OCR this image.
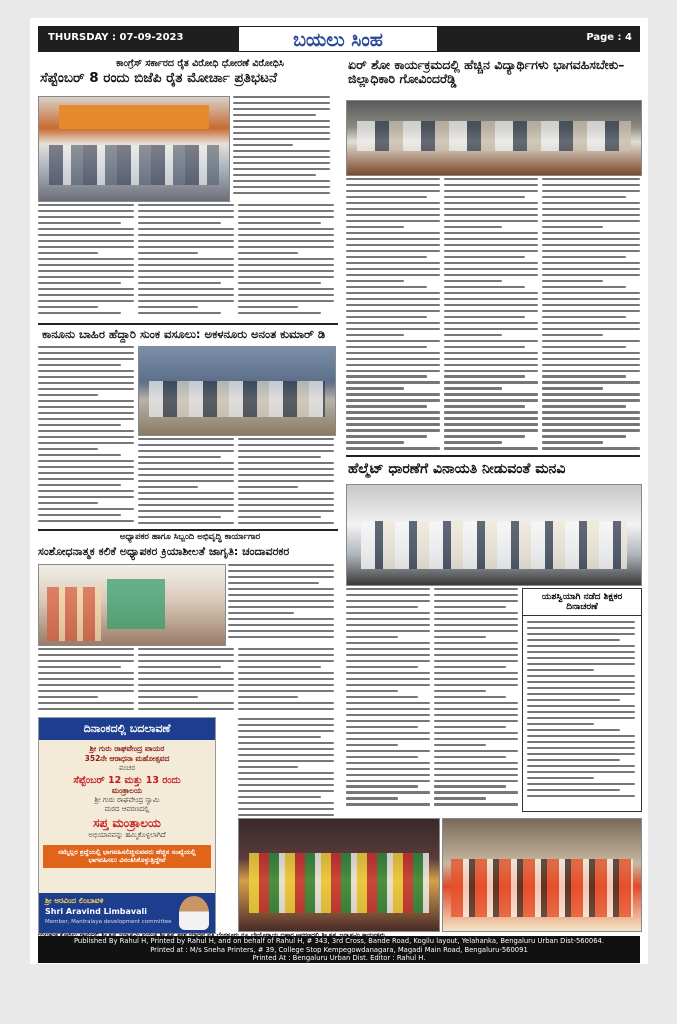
THURSDAY : 07-09-2023	ಬಯಲು ಸಿಂಹ	Page : 4
ಕಾಂಗ್ರೆಸ್ ಸರ್ಕಾರದ ರೈತ ವಿರೋಧಿ ಧೋರಣೆ ವಿರೋಧಿಸಿ
ಸೆಪ್ಟೆಂಬರ್ 8 ರಂದು ಬಿಜೆಪಿ ರೈತ ಮೋರ್ಚಾ ಪ್ರತಿಭಟನೆ
ಕಾನೂನು ಬಾಹಿರ ಹೆದ್ದಾರಿ ಸುಂಕ ವಸೂಲು: ಅಕಳನೂರು ಅನಂತ ಕುಮಾರ್ ಡಿ
ಅಧ್ಯಾಪಕರ ಹಾಗೂ ಸಿಬ್ಬಂದಿ ಅಭಿವೃದ್ಧಿ ಕಾರ್ಯಾಗಾರ
ಸಂಶೋಧನಾತ್ಮಕ ಕಲಿಕೆ ಅಧ್ಯಾಪಕರ ಕ್ರಿಯಾಶೀಲತೆ ಜಾಗೃತಿ: ಚಂದಾವರಕರ
ದಿನಾಂಕದಲ್ಲಿ ಬದಲಾವಣೆ
ಶ್ರೀ ಗುರು ರಾಘವೇಂದ್ರ ವಾಯರ
352ನೇ ಆರಾಧನಾ ಮಹೋತ್ಸವದ
ಪಂಚರ
ಸೆಪ್ಟೆಂಬರ್ 12 ಮತ್ತು 13 ರಂದು
ಮಂತ್ರಾಲಯ
ಶ್ರೀ ಗುರು ರಾಘವೇಂದ್ರ ಸ್ವಾಮಿ
ಮಠದ ಆವರಣದಲ್ಲಿ
ಸಪ್ತ ಮಂತ್ರಾಲಯ
ಅಭಿಯಾನವನ್ನು ಹಮ್ಮಿಕೊಳ್ಳಲಾಗಿದೆ
ನಮ್ಮೆಲ್ಲರ ಶ್ರದ್ಧೆಯಲ್ಲಿ ಭಾಗವಹಿಸಲಿಚ್ಚಿಸುವವರು ಹೆಚ್ಚಿನ ಸಂಖ್ಯೆಯಲ್ಲಿ ಭಾಗವಹಿಸಲು ವಿನಂತಿಸಿಕೊಳ್ಳುತ್ತಿದ್ದೇವೆ
ಶ್ರೀ ಅರವಿಂದ ಲಿಂಬಾವಳಿ
Shri Aravind Limbavali
Member, Mantralaya development committee
ಏರ್ ಶೋ ಕಾರ್ಯಕ್ರಮದಲ್ಲಿ ಹೆಚ್ಚಿನ ವಿದ್ಯಾರ್ಥಿಗಳು ಭಾಗವಹಿಸಬೇಕು–ಜಿಲ್ಲಾಧಿಕಾರಿ ಗೋವಿಂದರೆಡ್ಡಿ
ಹೆಲ್ಮೆಟ್ ಧಾರಣೆಗೆ ವಿನಾಯತಿ ನೀಡುವಂತೆ ಮನವಿ
ಯಶಸ್ವಿಯಾಗಿ ನಡೆದ ಶಿಕ್ಷಕರ ದಿನಾಚರಣೆ
Published By Rahul H, Printed by Rahul H, and on behalf of Rahul H, # 343, 3rd Cross, Bande Road, Kogilu layout, Yelahanka, Bengaluru Urban Dist-560064.
Printed at : M/s Sneha Printers, # 39, College Stop Kempegowdanagara, Magadi Main Road, Bengaluru-560091
Printed At : Bengaluru Urban Dist. Editor : Rahul H.
